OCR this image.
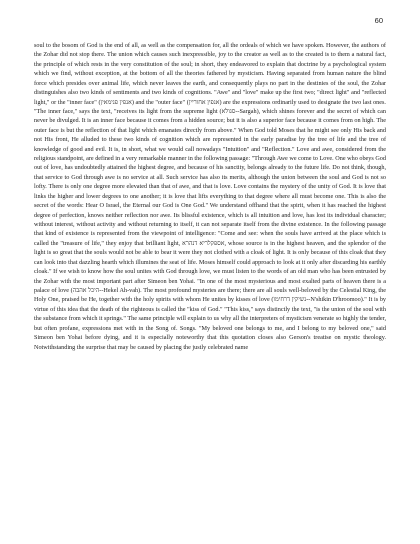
60

soul to the bosom of God is the end of all, as well as the compensation for, all the ordeals of which we have spoken. However, the authors of the Zohar did not stop there. The union which causes such inexpressible, joy to the creator as well as to the created is to them a natural fact, the principle of which rests in the very constitution of the soul; in short, they endeavored to explain that doctrine by a psychological system which we find, without exception, at the bottom of all the theories fathered by mysticism. Having separated from human nature the blind force which presides over animal life, which never leaves the earth, and consequently plays no part in the destinies of the soul, the Zohar distinguishes also two kinds of sentiments and two kinds of cognitions. "Awe" and "love" make up the first two; "direct light" and "reflected light," or the "inner face" (אנפין פנימאין) and the "outer face" (אנפין אחוריין) are the expressions ordinarily used to designate the two last ones. "The inner face," says the text, "receives its light from the supreme light (סגולא--Sargah), which shines forever and the secret of which can never be divulged. It is an inner face because it comes from a hidden source; but it is also a superior face because it comes from on high. The outer face is but the reflection of that light which emanates directly from above." When God told Moses that he might see only His back and not His front, He alluded to these two kinds of cognition which are represented in the early paradise by the tree of life and the tree of knowledge of good and evil. It is, in short, what we would call nowadays "Intuition" and "Reflection." Love and awe, considered from the religious standpoint, are defined in a very remarkable manner in the following passage: "Through Awe we come to Love. One who obeys God out of love, has undoubtedly attained the highest degree, and because of his sanctity, belongs already to the future life. Do not think, though, that service to God through awe is no service at all. Such service has also its merits, although the union between the soul and God is not so lofty. There is only one degree more elevated than that of awe, and that is love. Love contains the mystery of the unity of God. It is love that links the higher and lower degrees to one another; it is love that lifts everything to that degree where all must become one. This is also the secret of the words: Hear O Israel, the Eternal our God is One God." We understand offhand that the spirit, when it has reached the highest degree of perfection, knows neither reflection nor awe. Its blissful existence, which is all intuition and love, has lost its individual character; without interest, without activity and without returning to itself, it can not separate itself from the divine existence. In the following passage that kind of existence is represented from the viewpoint of intelligence: "Come and see: when the souls have arrived at the place which is called the "treasure of life," they enjoy that brilliant light, אספקלריא דנהרא, whose source is in the highest heaven, and the splendor of the light is so great that the souls would not be able to bear it were they not clothed with a cloak of light. It is only because of this cloak that they can look into that dazzling hearth which illumines the seat of life. Moses himself could approach to look at it only after discarding his earthly cloak." If we wish to know how the soul unites with God through love, we must listen to the words of an old man who has been entrusted by the Zohar with the most important part after Simeon ben Yohai. "In one of the most mysterious and most exalted parts of heaven there is a palace of love (היכל אהבה--Hekel Ah-vah). The most profound mysteries are there; there are all souls well-beloved by the Celestial King, the Holy One, praised be He, together with the holy spirits with whom He unites by kisses of love (נשיקין דרחימו--N'shikin D'hroomoo)." It is by virtue of this idea that the death of the righteous is called the "kiss of God." "This kiss," says distinctly the text, "is the union of the soul with the substance from which it springs." The same principle will explain to us why all the interpreters of mysticism venerate so highly the tender, but often profane, expressions met with in the Song of. Songs. "My beloved one belongs to me, and I belong to my beloved one," said Simeon ben Yohai before dying, and it is especially noteworthy that this quotation closes also Gerson's treatise on mystic theology. Notwithstanding the surprise that may be caused by placing the justly celebrated name
